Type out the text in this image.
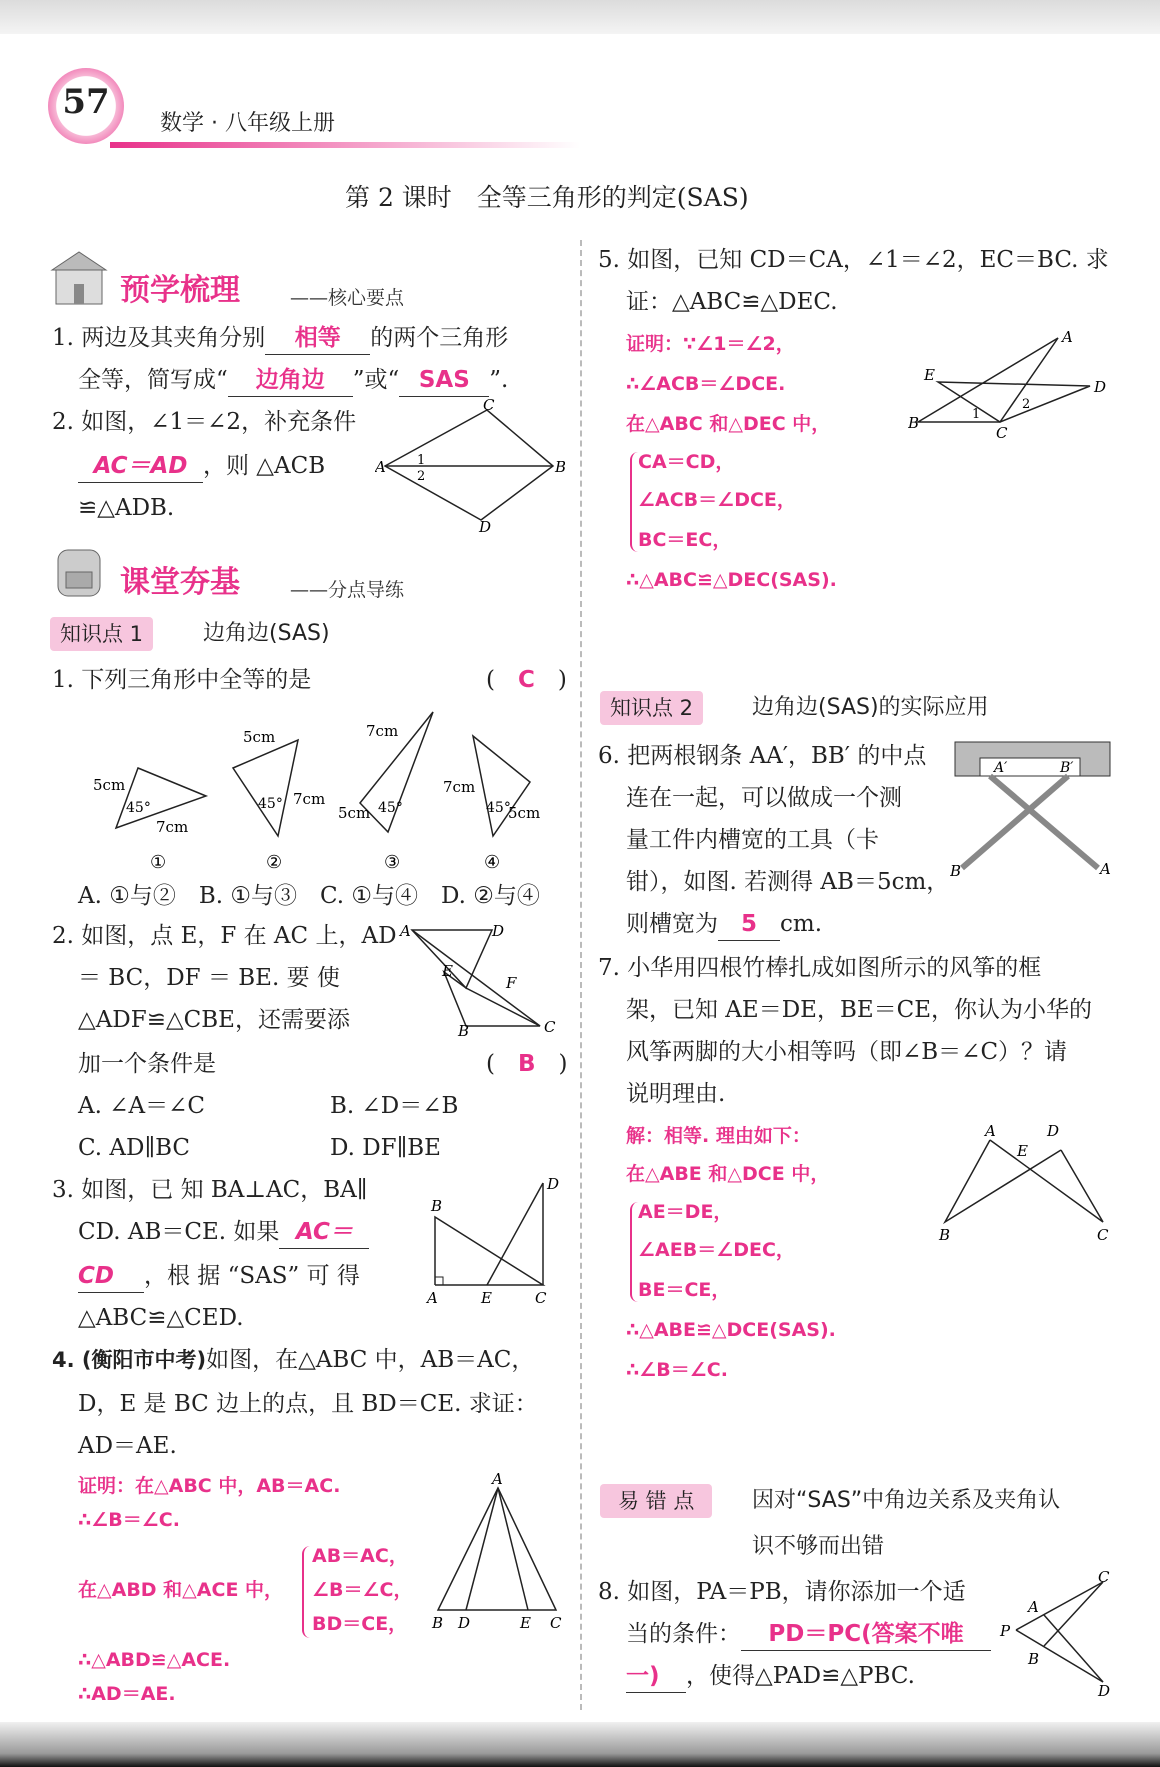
57
数学 · 八年级上册
第 2 课时　全等三角形的判定(SAS)
预学梳理	——核心要点
1. 两边及其夹角分别 相等 的两个三角形
全等，简写成“ 边角边 ”或“ SAS ”.
2. 如图，∠1＝∠2，补充条件
AC＝AD ，则 △ACB
≌△ADB.
A
C
B
D
1
2
课堂夯基	——分点导练
知识点 1	边角边(SAS)
1. 下列三角形中全等的是	(　C　)
5cm
45°
7cm
①
5cm
45° 7cm
②
7cm
5cm 45°
③
7cm
45°
5cm
④
A. ①与②　B. ①与③　C. ①与④　D. ②与④
2. 如图，点 E，F 在 AC 上，AD
＝ BC，DF ＝ BE. 要 使
△ADF≌△CBE，还需要添
加一个条件是	(　B　)
A	D
E
F
B	C
A. ∠A＝∠C	B. ∠D＝∠B
C. AD∥BC	D. DF∥BE
3. 如图，已 知 BA⊥AC，BA∥
CD. AB＝CE. 如果 AC＝
CD ，根 据 “SAS” 可 得
△ABC≌△CED.
B
D
A	E	C
4. (衡阳市中考)如图，在△ABC 中，AB＝AC，
D，E 是 BC 边上的点，且 BD＝CE. 求证：
AD＝AE.
证明：在△ABC 中，AB＝AC.
∴∠B＝∠C.
在△ABD 和△ACE 中，
AB＝AC，
∠B＝∠C，
BD＝CE，
∴△ABD≌△ACE.
∴AD＝AE.
A
B D	E C
5. 如图，已知 CD＝CA，∠1＝∠2，EC＝BC. 求
证：△ABC≌△DEC.
证明：∵∠1＝∠2，
∴∠ACB＝∠DCE.
在△ABC 和△DEC 中，
CA＝CD，
∠ACB＝∠DCE，
BC＝EC，
∴△ABC≌△DEC(SAS).
A
E
D
B
C
1
2
知识点 2	边角边(SAS)的实际应用
6. 把两根钢条 AA′，BB′ 的中点
连在一起，可以做成一个测
量工件内槽宽的工具（卡
钳），如图. 若测得 AB＝5cm，
则槽宽为 5 cm.
A′	B′
B	A
7. 小华用四根竹棒扎成如图所示的风筝的框
架，已知 AE＝DE，BE＝CE，你认为小华的
风筝两脚的大小相等吗（即∠B＝∠C）？请
说明理由.
解：相等. 理由如下：
在△ABE 和△DCE 中，
AE＝DE，
∠AEB＝∠DEC，
BE＝CE，
∴△ABE≌△DCE(SAS).
∴∠B＝∠C.
A	D
E
B	C
易 错 点	因对“SAS”中角边关系及夹角认
识不够而出错
8. 如图，PA＝PB，请你添加一个适
当的条件： PD＝PC(答案不唯
一) ，使得△PAD≌△PBC.
P
A
B
C
D
